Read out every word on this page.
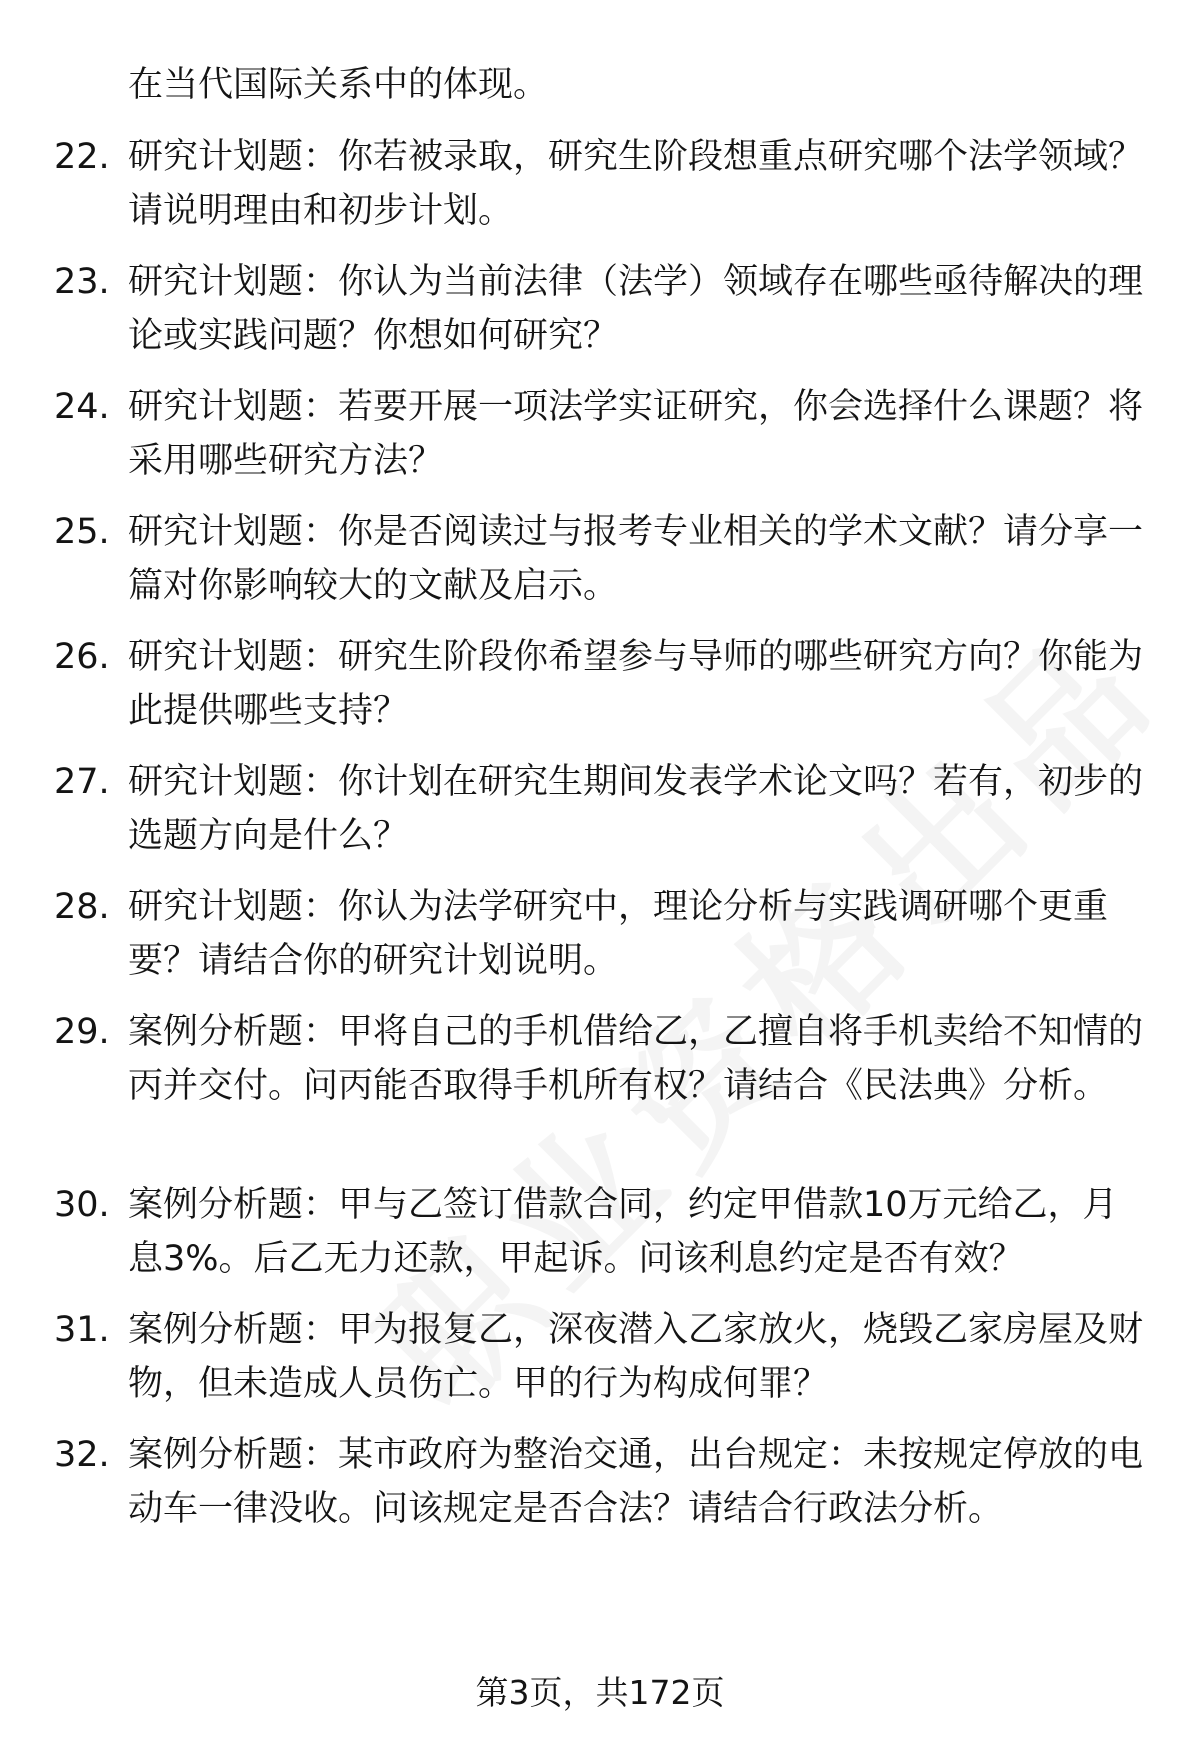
在当代国际关系中的体现。
22. 研究计划题：你若被录取，研究生阶段想重点研究哪个法学领域？请说明理由和初步计划。
23. 研究计划题：你认为当前法律（法学）领域存在哪些亟待解决的理论或实践问题？你想如何研究？
24. 研究计划题：若要开展一项法学实证研究，你会选择什么课题？将采用哪些研究方法？
25. 研究计划题：你是否阅读过与报考专业相关的学术文献？请分享一篇对你影响较大的文献及启示。
26. 研究计划题：研究生阶段你希望参与导师的哪些研究方向？你能为此提供哪些支持？
27. 研究计划题：你计划在研究生期间发表学术论文吗？若有，初步的选题方向是什么？
28. 研究计划题：你认为法学研究中，理论分析与实践调研哪个更重要？请结合你的研究计划说明。
29. 案例分析题：甲将自己的手机借给乙，乙擅自将手机卖给不知情的丙并交付。问丙能否取得手机所有权？请结合《民法典》分析。
30. 案例分析题：甲与乙签订借款合同，约定甲借款10万元给乙，月息3%。后乙无力还款，甲起诉。问该利息约定是否有效？
31. 案例分析题：甲为报复乙，深夜潜入乙家放火，烧毁乙家房屋及财物，但未造成人员伤亡。甲的行为构成何罪？
32. 案例分析题：某市政府为整治交通，出台规定：未按规定停放的电动车一律没收。问该规定是否合法？请结合行政法分析。
第3页，共172页
